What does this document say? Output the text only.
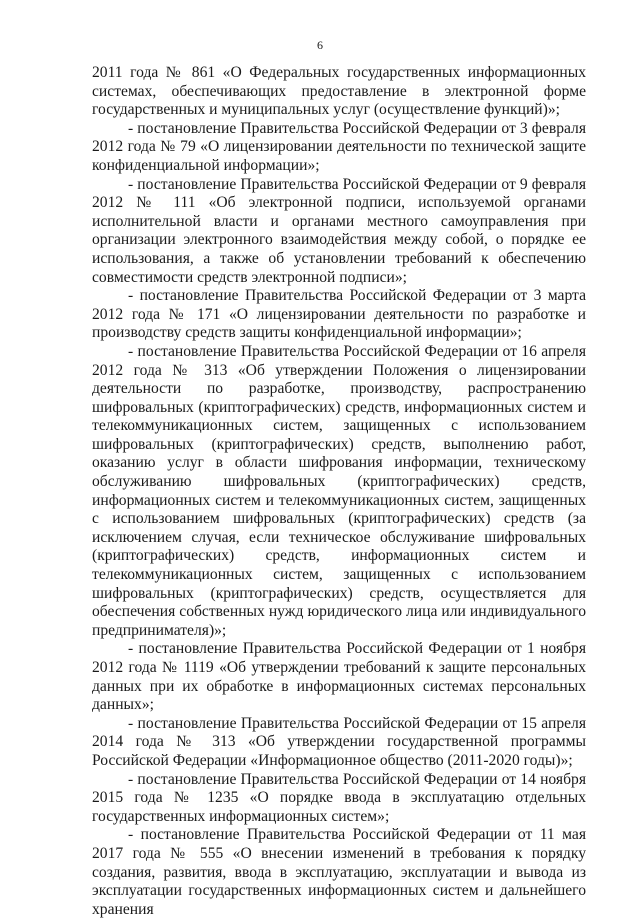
6

2011 года № 861 «О Федеральных государственных информационных системах, обеспечивающих предоставление в электронной форме государственных и муниципальных услуг (осуществление функций)»;

- постановление Правительства Российской Федерации от 3 февраля 2012 года № 79 «О лицензировании деятельности по технической защите конфиденциальной информации»;

- постановление Правительства Российской Федерации от 9 февраля 2012 № 111 «Об электронной подписи, используемой органами исполнительной власти и органами местного самоуправления при организации электронного взаимодействия между собой, о порядке ее использования, а также об установлении требований к обеспечению совместимости средств электронной подписи»;

- постановление Правительства Российской Федерации от 3 марта 2012 года № 171 «О лицензировании деятельности по разработке и производству средств защиты конфиденциальной информации»;

- постановление Правительства Российской Федерации от 16 апреля 2012 года № 313 «Об утверждении Положения о лицензировании деятельности по разработке, производству, распространению шифровальных (криптографических) средств, информационных систем и телекоммуникационных систем, защищенных с использованием шифровальных (криптографических) средств, выполнению работ, оказанию услуг в области шифрования информации, техническому обслуживанию шифровальных (криптографических) средств, информационных систем и телекоммуникационных систем, защищенных с использованием шифровальных (криптографических) средств (за исключением случая, если техническое обслуживание шифровальных (криптографических) средств, информационных систем и телекоммуникационных систем, защищенных с использованием шифровальных (криптографических) средств, осуществляется для обеспечения собственных нужд юридического лица или индивидуального предпринимателя)»;

- постановление Правительства Российской Федерации от 1 ноября 2012 года № 1119 «Об утверждении требований к защите персональных данных при их обработке в информационных системах персональных данных»;

- постановление Правительства Российской Федерации от 15 апреля 2014 года № 313 «Об утверждении государственной программы Российской Федерации «Информационное общество (2011-2020 годы)»;

- постановление Правительства Российской Федерации от 14 ноября 2015 года № 1235 «О порядке ввода в эксплуатацию отдельных государственных информационных систем»;

- постановление Правительства Российской Федерации от 11 мая 2017 года № 555 «О внесении изменений в требования к порядку создания, развития, ввода в эксплуатацию, эксплуатации и вывода из эксплуатации государственных информационных систем и дальнейшего хранения
